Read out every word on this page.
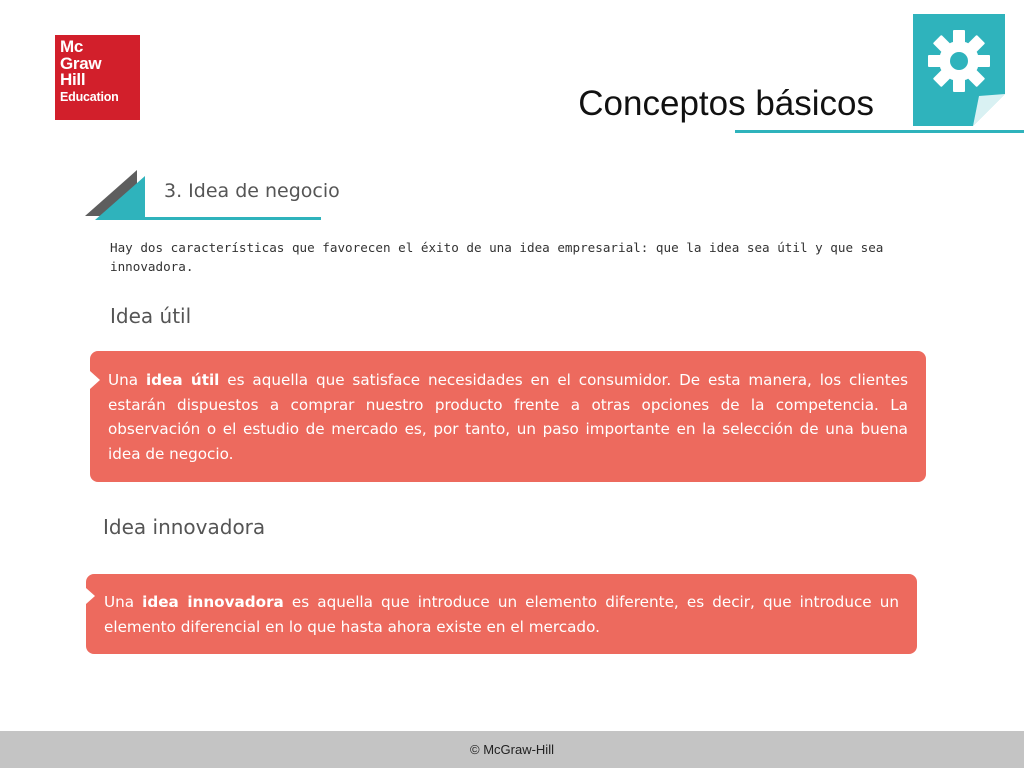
Mc
Graw
Hill
Education	Conceptos básicos
3. Idea de negocio

Hay dos características que favorecen el éxito de una idea empresarial: que la idea sea útil y que sea innovadora.

Idea útil
Una idea útil es aquella que satisface necesidades en el consumidor. De esta manera, los clientes estarán dispuestos a comprar nuestro producto frente a otras opciones de la competencia. La observación o el estudio de mercado es, por tanto, un paso importante en la selección de una buena idea de negocio.
Idea innovadora
Una idea innovadora es aquella que introduce un elemento diferente, es decir, que introduce un elemento diferencial en lo que hasta ahora existe en el mercado.
© McGraw-Hill
